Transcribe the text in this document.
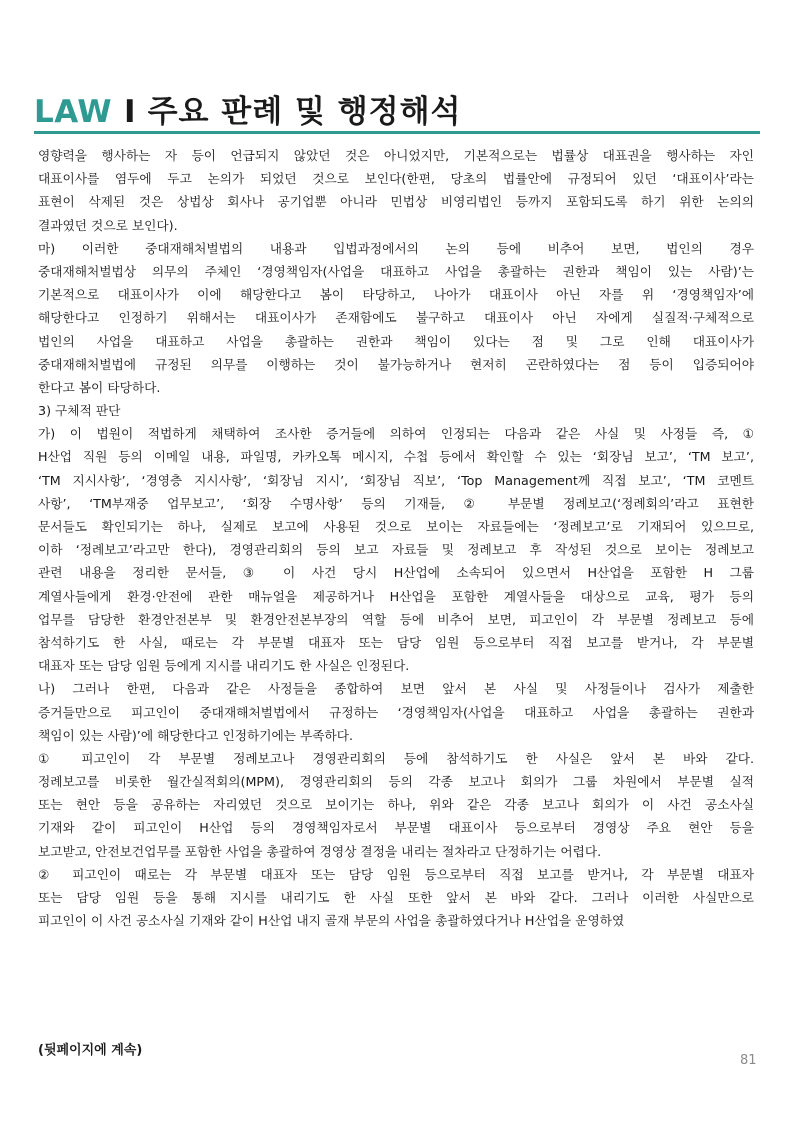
LAW I 주요 판례 및 행정해석
영향력을 행사하는 자 등이 언급되지 않았던 것은 아니었지만, 기본적으로는 법률상 대표권을 행사하는 자인
대표이사를 염두에 두고 논의가 되었던 것으로 보인다(한편, 당초의 법률안에 규정되어 있던 ‘대표이사’라는
표현이 삭제된 것은 상법상 회사나 공기업뿐 아니라 민법상 비영리법인 등까지 포함되도록 하기 위한 논의의
결과였던 것으로 보인다).
마) 이러한 중대재해처벌법의 내용과 입법과정에서의 논의 등에 비추어 보면, 법인의 경우
중대재해처벌법상 의무의 주체인 ‘경영책임자(사업을 대표하고 사업을 총괄하는 권한과 책임이 있는 사람)’는
기본적으로 대표이사가 이에 해당한다고 봄이 타당하고, 나아가 대표이사 아닌 자를 위 ‘경영책임자’에
해당한다고 인정하기 위해서는 대표이사가 존재함에도 불구하고 대표이사 아닌 자에게 실질적·구체적으로
법인의 사업을 대표하고 사업을 총괄하는 권한과 책임이 있다는 점 및 그로 인해 대표이사가
중대재해처벌법에 규정된 의무를 이행하는 것이 불가능하거나 현저히 곤란하였다는 점 등이 입증되어야
한다고 봄이 타당하다.
3) 구체적 판단
가) 이 법원이 적법하게 채택하여 조사한 증거들에 의하여 인정되는 다음과 같은 사실 및 사정들 즉, ①
H산업 직원 등의 이메일 내용, 파일명, 카카오톡 메시지, 수첩 등에서 확인할 수 있는 ‘회장님 보고’, ‘TM 보고’,
‘TM 지시사항’, ‘경영층 지시사항’, ‘회장님 지시’, ‘회장님 직보’, ‘Top Management께 직접 보고’, ‘TM 코멘트
사항’, ‘TM부재중 업무보고’, ‘회장 수명사항’ 등의 기재들, ② 부문별 정례보고(‘정례회의’라고 표현한
문서들도 확인되기는 하나, 실제로 보고에 사용된 것으로 보이는 자료들에는 ‘정례보고’로 기재되어 있으므로,
이하 ‘정례보고’라고만 한다), 경영관리회의 등의 보고 자료들 및 정례보고 후 작성된 것으로 보이는 정례보고
관련 내용을 정리한 문서들, ③ 이 사건 당시 H산업에 소속되어 있으면서 H산업을 포함한 H 그룹
계열사들에게 환경·안전에 관한 매뉴얼을 제공하거나 H산업을 포함한 계열사들을 대상으로 교육, 평가 등의
업무를 담당한 환경안전본부 및 환경안전본부장의 역할 등에 비추어 보면, 피고인이 각 부문별 정례보고 등에
참석하기도 한 사실, 때로는 각 부문별 대표자 또는 담당 임원 등으로부터 직접 보고를 받거나, 각 부문별
대표자 또는 담당 임원 등에게 지시를 내리기도 한 사실은 인정된다.
나) 그러나 한편, 다음과 같은 사정들을 종합하여 보면 앞서 본 사실 및 사정들이나 검사가 제출한
증거들만으로 피고인이 중대재해처벌법에서 규정하는 ‘경영책임자(사업을 대표하고 사업을 총괄하는 권한과
책임이 있는 사람)’에 해당한다고 인정하기에는 부족하다.
① 피고인이 각 부문별 정례보고나 경영관리회의 등에 참석하기도 한 사실은 앞서 본 바와 같다.
정례보고를 비롯한 월간실적회의(MPM), 경영관리회의 등의 각종 보고나 회의가 그룹 차원에서 부문별 실적
또는 현안 등을 공유하는 자리였던 것으로 보이기는 하나, 위와 같은 각종 보고나 회의가 이 사건 공소사실
기재와 같이 피고인이 H산업 등의 경영책임자로서 부문별 대표이사 등으로부터 경영상 주요 현안 등을
보고받고, 안전보건업무를 포함한 사업을 총괄하여 경영상 결정을 내리는 절차라고 단정하기는 어렵다.
② 피고인이 때로는 각 부문별 대표자 또는 담당 임원 등으로부터 직접 보고를 받거나, 각 부문별 대표자
또는 담당 임원 등을 통해 지시를 내리기도 한 사실 또한 앞서 본 바와 같다. 그러나 이러한 사실만으로
피고인이 이 사건 공소사실 기재와 같이 H산업 내지 골재 부문의 사업을 총괄하였다거나 H산업을 운영하였
(뒷페이지에 계속)
81
